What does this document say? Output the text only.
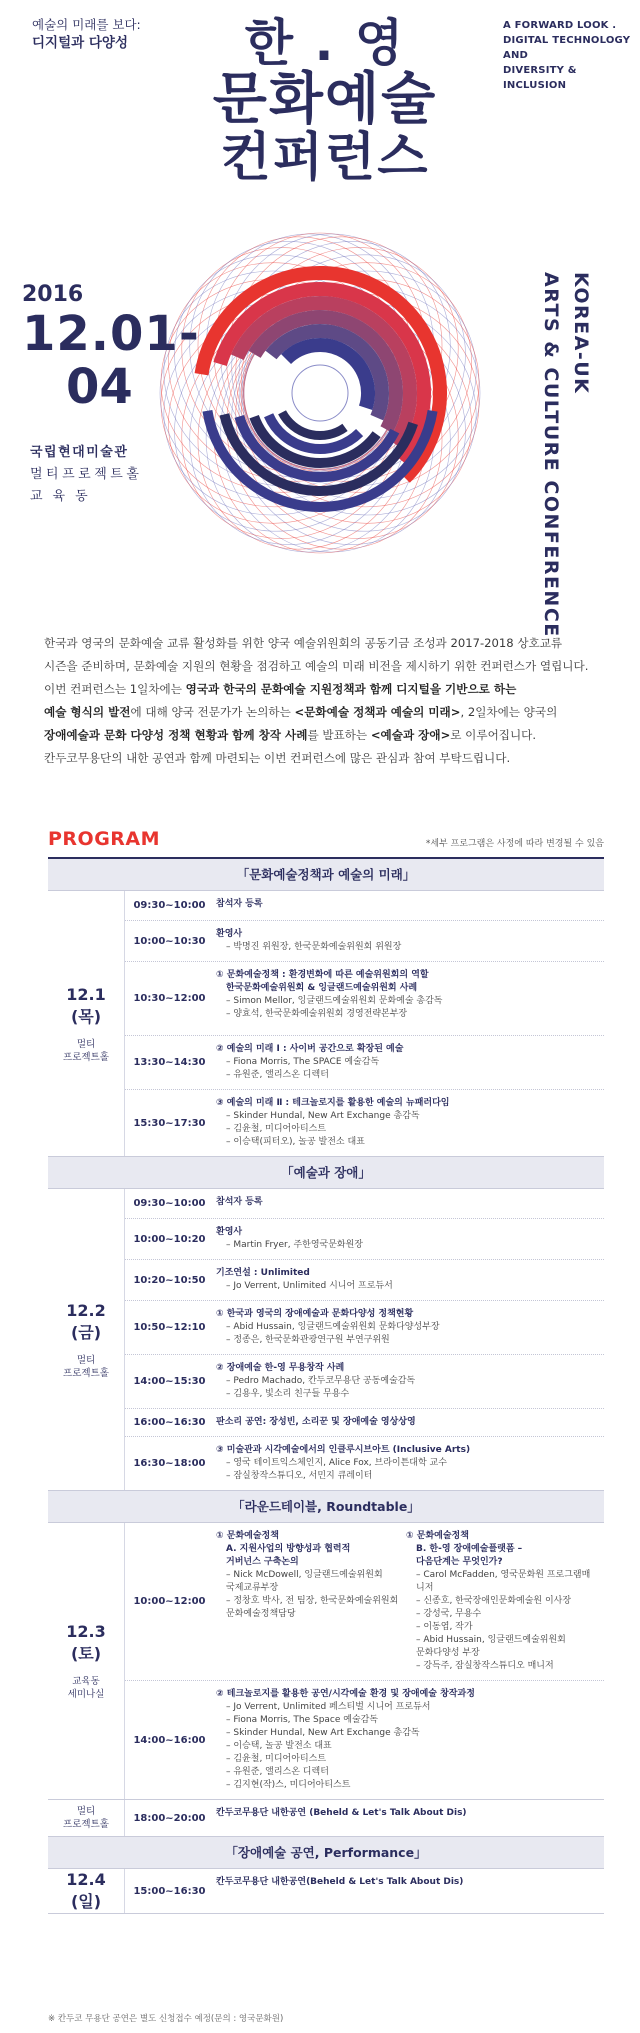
예술의 미래를 보다:
디지털과 다양성
A FORWARD LOOK .
DIGITAL TECHNOLOGY AND
DIVERSITY & INCLUSION
한 . 영
문화예술
컨퍼런스
2016
12.01-
04
국립현대미술관
멀티프로젝트홀
교육동
KOREA-UK
ARTS & CULTURE CONFERENCE

한국과 영국의 문화예술 교류 활성화를 위한 양국 예술위원회의 공동기금 조성과 2017-2018 상호교류

시즌을 준비하며, 문화예술 지원의 현황을 점검하고 예술의 미래 비전을 제시하기 위한 컨퍼런스가 열립니다.

이번 컨퍼런스는 1일차에는 영국과 한국의 문화예술 지원정책과 함께 디지털을 기반으로 하는

예술 형식의 발전에 대해 양국 전문가가 논의하는 <문화예술 정책과 예술의 미래>, 2일차에는 양국의

장애예술과 문화 다양성 정책 현황과 함께 창작 사례를 발표하는 <예술과 장애>로 이루어집니다.

칸두코무용단의 내한 공연과 함께 마련되는 이번 컨퍼런스에 많은 관심과 참여 부탁드립니다.

PROGRAM	*세부 프로그램은 사정에 따라 변경될 수 있음
「문화예술정책과 예술의 미래」
12.1
(목)
멀티
프로젝트홀
09:30~10:00	참석자 등록
10:00~10:30
환영사
– 박명진 위원장, 한국문화예술위원회 위원장
10:30~12:00
① 문화예술정책 : 환경변화에 따른 예술위원회의 역할
한국문화예술위원회 & 잉글랜드예술위원회 사례
– Simon Mellor, 잉글랜드예술위원회 문화예술 총감독
– 양효석, 한국문화예술위원회 경영전략본부장
13:30~14:30
② 예술의 미래 Ⅰ : 사이버 공간으로 확장된 예술
– Fiona Morris, The SPACE 예술감독
– 유원준, 앨리스온 디렉터
15:30~17:30
③ 예술의 미래 Ⅱ : 테크놀로지를 활용한 예술의 뉴패러다임
– Skinder Hundal, New Art Exchange 총감독
– 김윤철, 미디어아티스트
– 이승택(피터오), 놀공 발전소 대표
「예술과 장애」
12.2
(금)
멀티
프로젝트홀
09:30~10:00	참석자 등록
10:00~10:20
환영사
– Martin Fryer, 주한영국문화원장
10:20~10:50
기조연설 : Unlimited
– Jo Verrent, Unlimited 시니어 프로듀서
10:50~12:10
① 한국과 영국의 장애예술과 문화다양성 정책현황
– Abid Hussain, 잉글랜드예술위원회 문화다양성부장
– 정종은, 한국문화관광연구원 부연구위원
14:00~15:30
② 장애예술 한-영 무용창작 사례
– Pedro Machado, 칸두코무용단 공동예술감독
– 김용우, 빛소리 친구들 무용수
16:00~16:30	판소리 공연: 장성빈, 소리꾼 및 장애예술 영상상영
16:30~18:00
③ 미술관과 시각예술에서의 인클루시브아트 (Inclusive Arts)
– 영국 테이트익스체인지, Alice Fox, 브라이튼대학 교수
– 잠실창작스튜디오, 서민지 큐레이터
「라운드테이블, Roundtable」
12.3
(토)
교육동
세미나실
10:00~12:00
① 문화예술정책
A. 지원사업의 방향성과 협력적
거버넌스 구축논의
– Nick McDowell, 잉글랜드예술위원회
국제교류부장
– 정창호 박사, 전 팀장, 한국문화예술위원회 문화예술정책담당
① 문화예술정책
B. 한-영 장애예술플랫폼 –
다음단계는 무엇인가?
– Carol McFadden, 영국문화원 프로그램매니저
– 신종호, 한국장애인문화예술원 이사장
– 강성국, 무용수
– 이동엽, 작가
– Abid Hussain, 잉글랜드예술위원회
문화다양성 부장
– 강득주, 잠실창작스튜디오 매니저
14:00~16:00
② 테크놀로지를 활용한 공연/시각예술 환경 및 장애예술 창작과정
– Jo Verrent, Unlimited 페스티벌 시니어 프로듀서
– Fiona Morris, The Space 예술감독
– Skinder Hundal, New Art Exchange 총감독
– 이승택, 놀공 발전소 대표
– 김윤철, 미디어아티스트
– 유원준, 앨리스온 디렉터
– 김지현(작)스, 미디어아티스트
멀티
프로젝트홀
18:00~20:00	칸두코무용단 내한공연 (Beheld & Let's Talk About Dis)
「장애예술 공연, Performance」
12.4
(일)
15:00~16:30
칸두코무용단 내한공연(Beheld & Let's Talk About Dis)
※ 칸두코 무용단 공연은 별도 신청접수 예정(문의 : 영국문화원)
